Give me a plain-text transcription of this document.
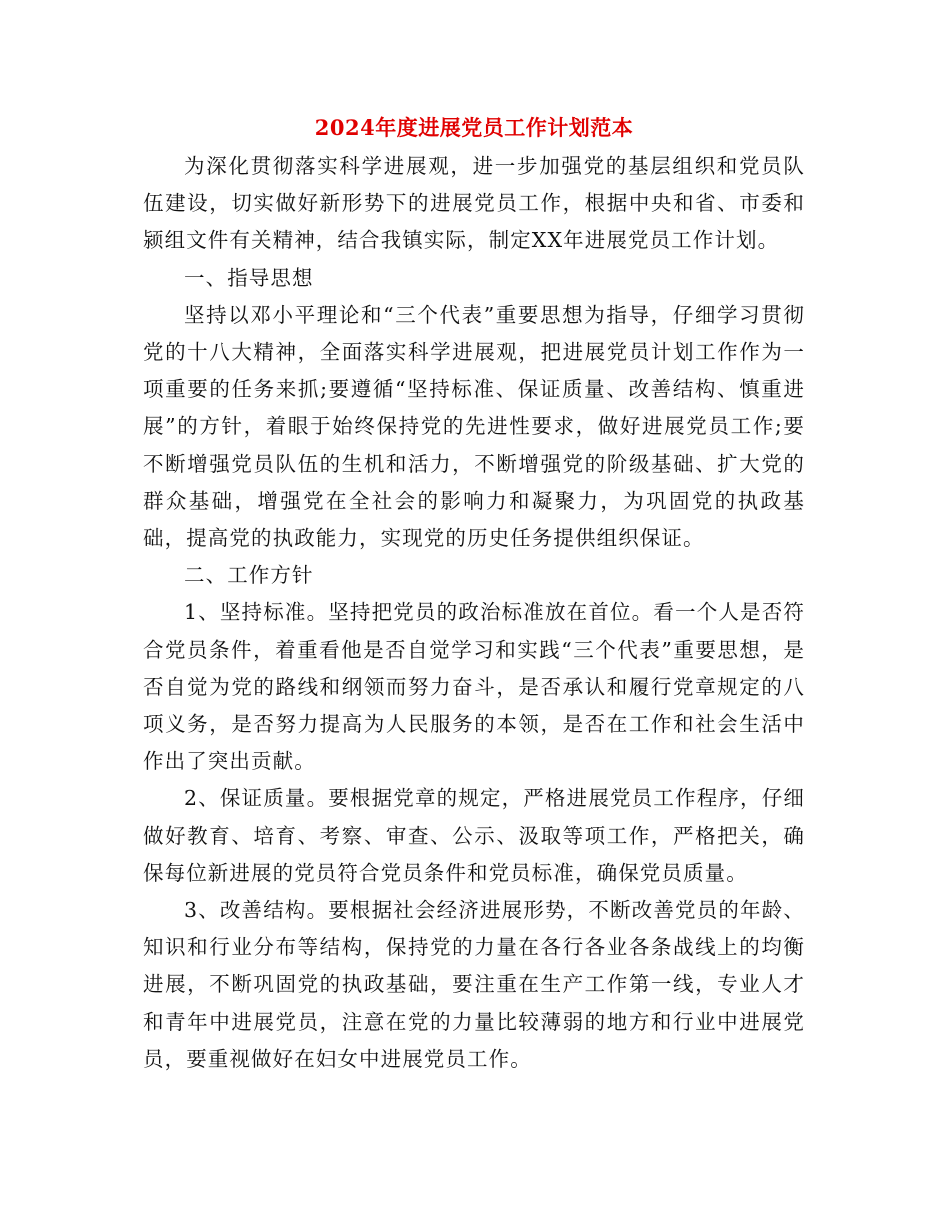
2024年度进展党员工作计划范本

为深化贯彻落实科学进展观，进一步加强党的基层组织和党员队伍建设，切实做好新形势下的进展党员工作，根据中央和省、市委和颍组文件有关精神，结合我镇实际，制定XX年进展党员工作计划。

一、指导思想

坚持以邓小平理论和“三个代表”重要思想为指导，仔细学习贯彻党的十八大精神，全面落实科学进展观，把进展党员计划工作作为一项重要的任务来抓;要遵循“坚持标准、保证质量、改善结构、慎重进展”的方针，着眼于始终保持党的先进性要求，做好进展党员工作;要不断增强党员队伍的生机和活力，不断增强党的阶级基础、扩大党的群众基础，增强党在全社会的影响力和凝聚力，为巩固党的执政基础，提高党的执政能力，实现党的历史任务提供组织保证。

二、工作方针

1、坚持标准。坚持把党员的政治标准放在首位。看一个人是否符合党员条件，着重看他是否自觉学习和实践“三个代表”重要思想，是否自觉为党的路线和纲领而努力奋斗，是否承认和履行党章规定的八项义务，是否努力提高为人民服务的本领，是否在工作和社会生活中作出了突出贡献。

2、保证质量。要根据党章的规定，严格进展党员工作程序，仔细做好教育、培育、考察、审查、公示、汲取等项工作，严格把关，确保每位新进展的党员符合党员条件和党员标准，确保党员质量。

3、改善结构。要根据社会经济进展形势，不断改善党员的年龄、知识和行业分布等结构，保持党的力量在各行各业各条战线上的均衡进展，不断巩固党的执政基础，要注重在生产工作第一线，专业人才和青年中进展党员，注意在党的力量比较薄弱的地方和行业中进展党员，要重视做好在妇女中进展党员工作。
